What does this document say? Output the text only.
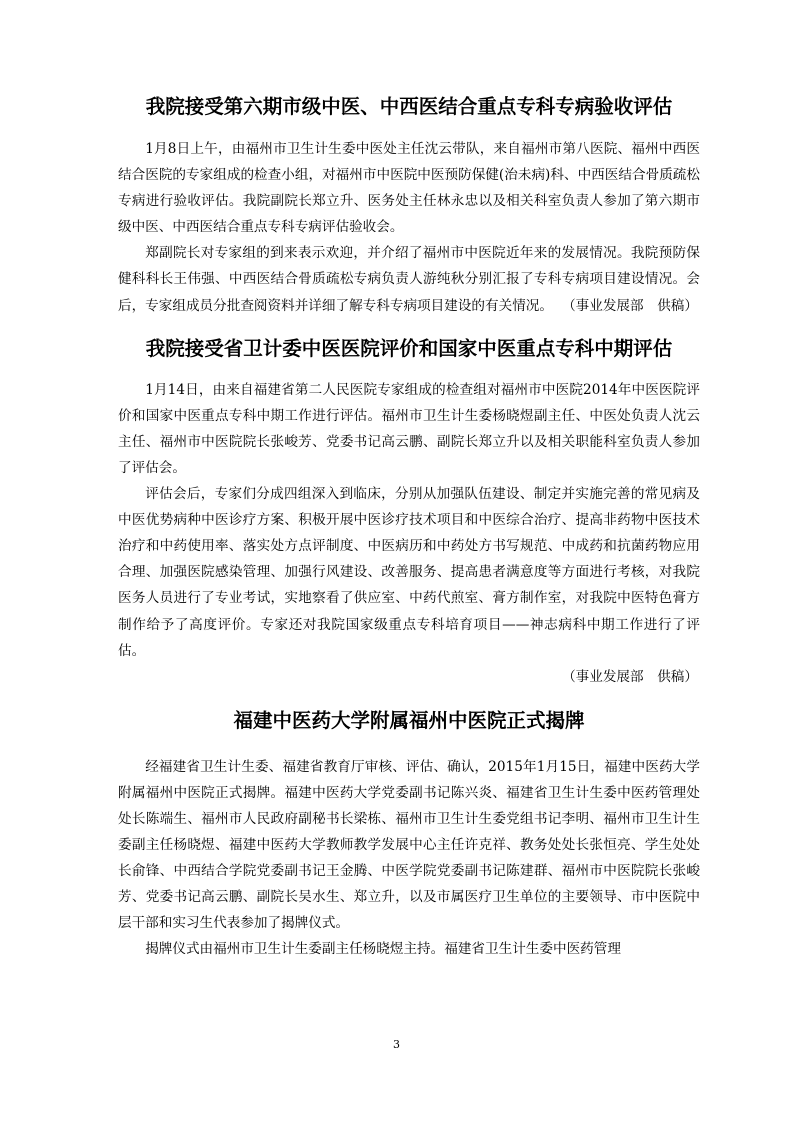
我院接受第六期市级中医、中西医结合重点专科专病验收评估

1月8日上午，由福州市卫生计生委中医处主任沈云带队，来自福州市第八医院、福州中西医结合医院的专家组成的检查小组，对福州市中医院中医预防保健(治未病)科、中西医结合骨质疏松专病进行验收评估。我院副院长郑立升、医务处主任林永忠以及相关科室负责人参加了第六期市级中医、中西医结合重点专科专病评估验收会。

郑副院长对专家组的到来表示欢迎，并介绍了福州市中医院近年来的发展情况。我院预防保健科科长王伟强、中西医结合骨质疏松专病负责人游纯秋分别汇报了专科专病项目建设情况。会后，专家组成员分批查阅资料并详细了解专科专病项目建设的有关情况。 （事业发展部　供稿）

我院接受省卫计委中医医院评价和国家中医重点专科中期评估

1月14日，由来自福建省第二人民医院专家组成的检查组对福州市中医院2014年中医医院评价和国家中医重点专科中期工作进行评估。福州市卫生计生委杨晓煜副主任、中医处负责人沈云主任、福州市中医院院长张峻芳、党委书记高云鹏、副院长郑立升以及相关职能科室负责人参加了评估会。

评估会后，专家们分成四组深入到临床，分别从加强队伍建设、制定并实施完善的常见病及中医优势病种中医诊疗方案、积极开展中医诊疗技术项目和中医综合治疗、提高非药物中医技术治疗和中药使用率、落实处方点评制度、中医病历和中药处方书写规范、中成药和抗菌药物应用合理、加强医院感染管理、加强行风建设、改善服务、提高患者满意度等方面进行考核，对我院医务人员进行了专业考试，实地察看了供应室、中药代煎室、膏方制作室，对我院中医特色膏方制作给予了高度评价。专家还对我院国家级重点专科培育项目——神志病科中期工作进行了评估。

（事业发展部　供稿）

福建中医药大学附属福州中医院正式揭牌

经福建省卫生计生委、福建省教育厅审核、评估、确认，2015年1月15日，福建中医药大学附属福州中医院正式揭牌。福建中医药大学党委副书记陈兴炎、福建省卫生计生委中医药管理处处长陈端生、福州市人民政府副秘书长梁栋、福州市卫生计生委党组书记李明、福州市卫生计生委副主任杨晓煜、福建中医药大学教师教学发展中心主任许克祥、教务处处长张恒亮、学生处处长俞锋、中西结合学院党委副书记王金腾、中医学院党委副书记陈建群、福州市中医院院长张峻芳、党委书记高云鹏、副院长吴水生、郑立升，以及市属医疗卫生单位的主要领导、市中医院中层干部和实习生代表参加了揭牌仪式。

揭牌仪式由福州市卫生计生委副主任杨晓煜主持。福建省卫生计生委中医药管理

3
